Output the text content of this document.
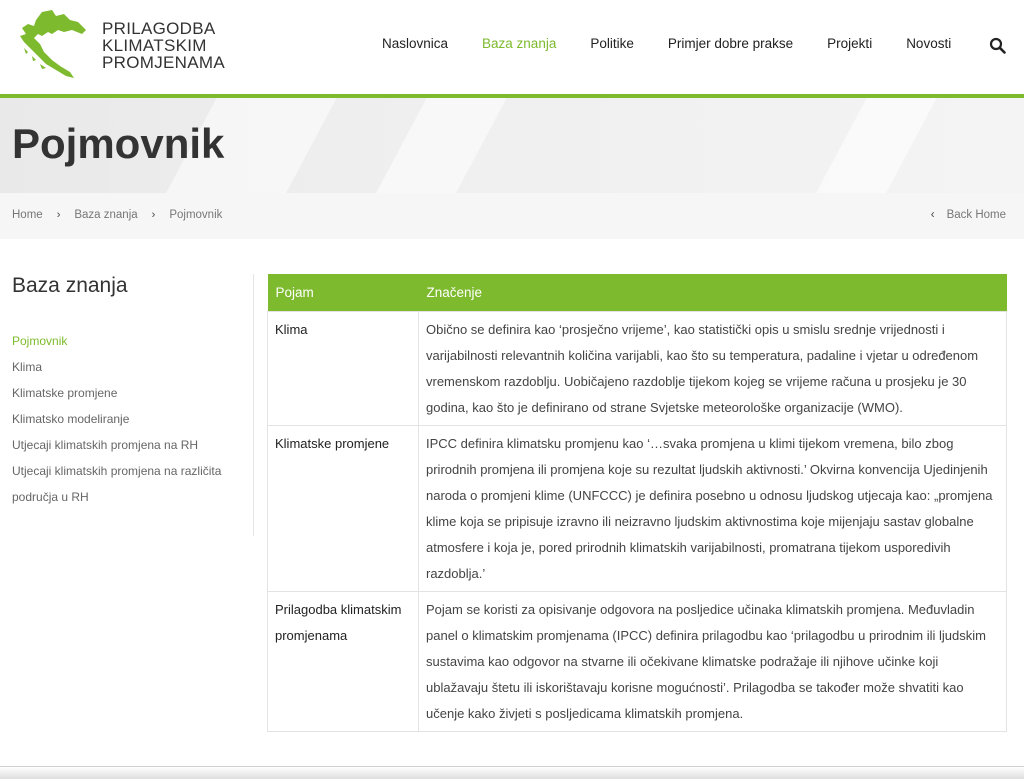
PRILAGODBA
KLIMATSKIM
PROMJENAMA
Naslovnica	Baza znanja	Politike	Primjer dobre prakse	Projekti	Novosti
Pojmovnik
Home › Baza znanja › Pojmovnik	‹ Back Home
Baza znanja
Pojmovnik
Klima
Klimatske promjene
Klimatsko modeliranje
Utjecaji klimatskih promjena na RH
Utjecaji klimatskih promjena na različita područja u RH
Pojam	Značenje
Klima	Obično se definira kao ‘prosječno vrijeme’, kao statistički opis u smislu srednje vrijednosti i varijabilnosti relevantnih količina varijabli, kao što su temperatura, padaline i vjetar u određenom vremenskom razdoblju. Uobičajeno razdoblje tijekom kojeg se vrijeme računa u prosjeku je 30 godina, kao što je definirano od strane Svjetske meteorološke organizacije (WMO).
Klimatske promjene	IPCC definira klimatsku promjenu kao ‘…svaka promjena u klimi tijekom vremena, bilo zbog prirodnih promjena ili promjena koje su rezultat ljudskih aktivnosti.’ Okvirna konvencija Ujedinjenih naroda o promjeni klime (UNFCCC) je definira posebno u odnosu ljudskog utjecaja kao: „promjena klime koja se pripisuje izravno ili neizravno ljudskim aktivnostima koje mijenjaju sastav globalne atmosfere i koja je, pored prirodnih klimatskih varijabilnosti, promatrana tijekom usporedivih razdoblja.’
Prilagodba klimatskim promjenama	Pojam se koristi za opisivanje odgovora na posljedice učinaka klimatskih promjena. Međuvladin panel o klimatskim promjenama (IPCC) definira prilagodbu kao ‘prilagodbu u prirodnim ili ljudskim sustavima kao odgovor na stvarne ili očekivane klimatske podražaje ili njihove učinke koji ublažavaju štetu ili iskorištavaju korisne mogućnosti’. Prilagodba se također može shvatiti kao učenje kako živjeti s posljedicama klimatskih promjena.
